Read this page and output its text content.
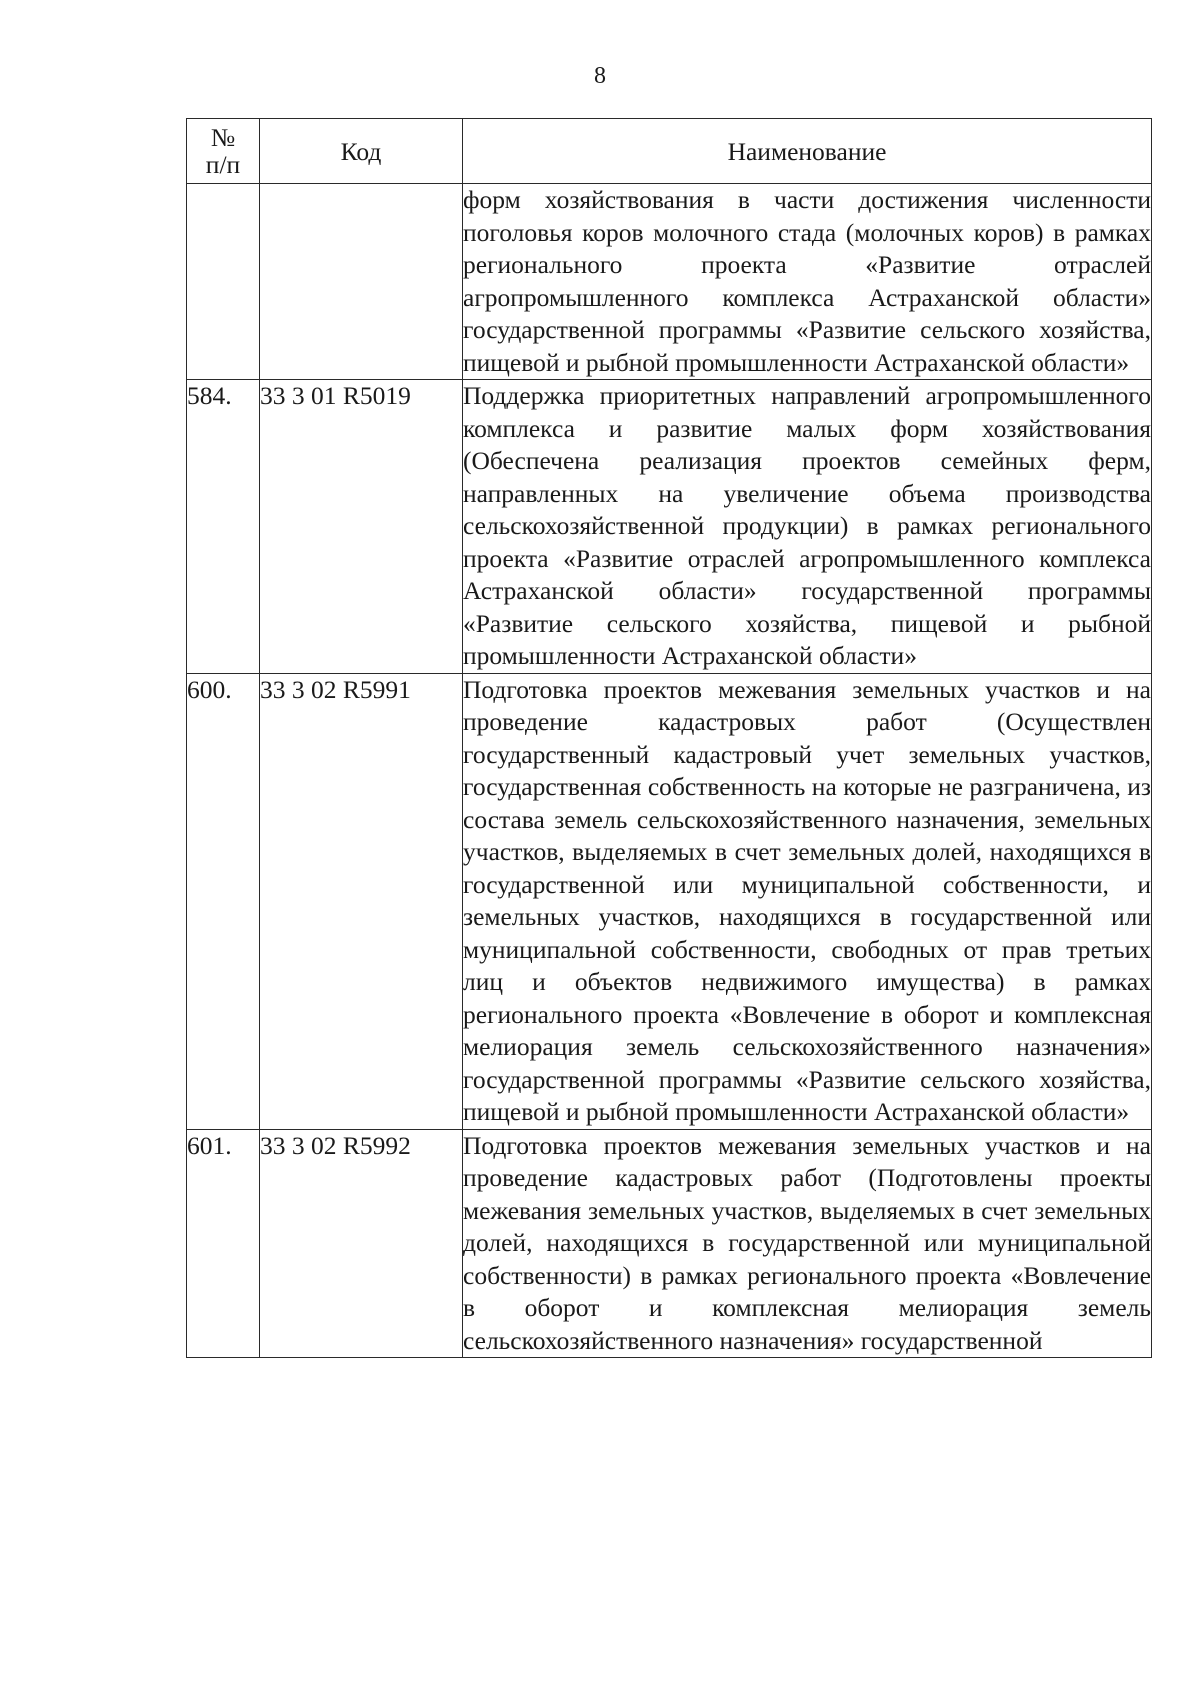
8
№
п/п	Код	Наименование
		форм хозяйствования в части достижения численности поголовья коров молочного стада (молочных коров) в рамках регионального проекта «Развитие отраслей агропромышленного комплекса Астраханской области» государственной программы «Развитие сельского хозяйства, пищевой и рыбной промышленности Астраханской области»
584.	33 3 01 R5019	Поддержка приоритетных направлений агропромышленного комплекса и развитие малых форм хозяйствования (Обеспечена реализация проектов семейных ферм, направленных на увеличение объема производства сельскохозяйственной продукции) в рамках регионального проекта «Развитие отраслей агропромышленного комплекса Астраханской области» государственной программы «Развитие сельского хозяйства, пищевой и рыбной промышленности Астраханской области»
600.	33 3 02 R5991	Подготовка проектов межевания земельных участков и на проведение кадастровых работ (Осуществлен государственный кадастровый учет земельных участков, государственная собственность на которые не разграничена, из состава земель сельскохозяйственного назначения, земельных участков, выделяемых в счет земельных долей, находящихся в государственной или муниципальной собственности, и земельных участков, находящихся в государственной или муниципальной собственности, свободных от прав третьих лиц и объектов недвижимого имущества) в рамках регионального проекта «Вовлечение в оборот и комплексная мелиорация земель сельскохозяйственного назначения» государственной программы «Развитие сельского хозяйства, пищевой и рыбной промышленности Астраханской области»
601.	33 3 02 R5992	Подготовка проектов межевания земельных участков и на проведение кадастровых работ (Подготовлены проекты межевания земельных участков, выделяемых в счет земельных долей, находящихся в государственной или муниципальной собственности) в рамках регионального проекта «Вовлечение в оборот и комплексная мелиорация земель сельскохозяйственного назначения» государственной
